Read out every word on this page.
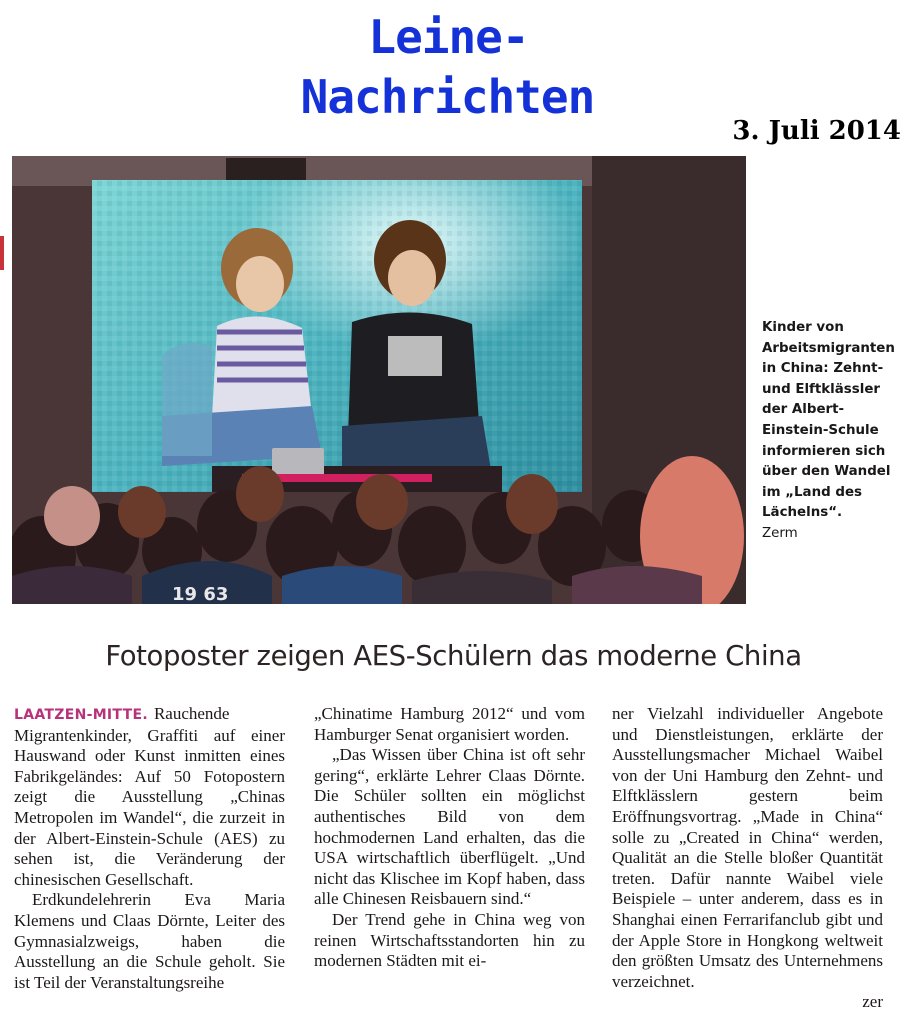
Leine-
Nachrichten
3. Juli 2014
19 63
Kinder von Arbeitsmigranten in China: Zehnt- und Elftklässler der Albert-Einstein-Schule informieren sich über den Wandel im „Land des Lächelns“.
Zerm
Fotoposter zeigen AES-Schülern das moderne China

LAATZEN-MITTE. Rauchende Migrantenkinder, Graffiti auf einer Hauswand oder Kunst inmitten eines Fabrikgeländes: Auf 50 Fotopostern zeigt die Ausstellung „Chinas Metropolen im Wandel“, die zurzeit in der Albert-Einstein-Schule (AES) zu sehen ist, die Veränderung der chinesischen Gesellschaft.

Erdkundelehrerin Eva Maria Klemens und Claas Dörnte, Leiter des Gymnasialzweigs, haben die Ausstellung an die Schule geholt. Sie ist Teil der Veranstaltungsreihe

„Chinatime Hamburg 2012“ und vom Hamburger Senat organisiert worden.

„Das Wissen über China ist oft sehr gering“, erklärte Lehrer Claas Dörnte. Die Schüler sollten ein möglichst authentisches Bild von dem hochmodernen Land erhalten, das die USA wirtschaftlich überflügelt. „Und nicht das Klischee im Kopf haben, dass alle Chinesen Reisbauern sind.“

Der Trend gehe in China weg von reinen Wirtschaftsstandorten hin zu modernen Städten mit ei-

ner Vielzahl individueller Angebote und Dienstleistungen, erklärte der Ausstellungsmacher Michael Waibel von der Uni Hamburg den Zehnt- und Elftklässlern gestern beim Eröffnungsvortrag. „Made in China“ solle zu „Created in China“ werden, Qualität an die Stelle bloßer Quantität treten. Dafür nannte Waibel viele Beispiele – unter anderem, dass es in Shanghai einen Ferrarifanclub gibt und der Apple Store in Hongkong weltweit den größten Umsatz des Unternehmens verzeichnet.

zer
